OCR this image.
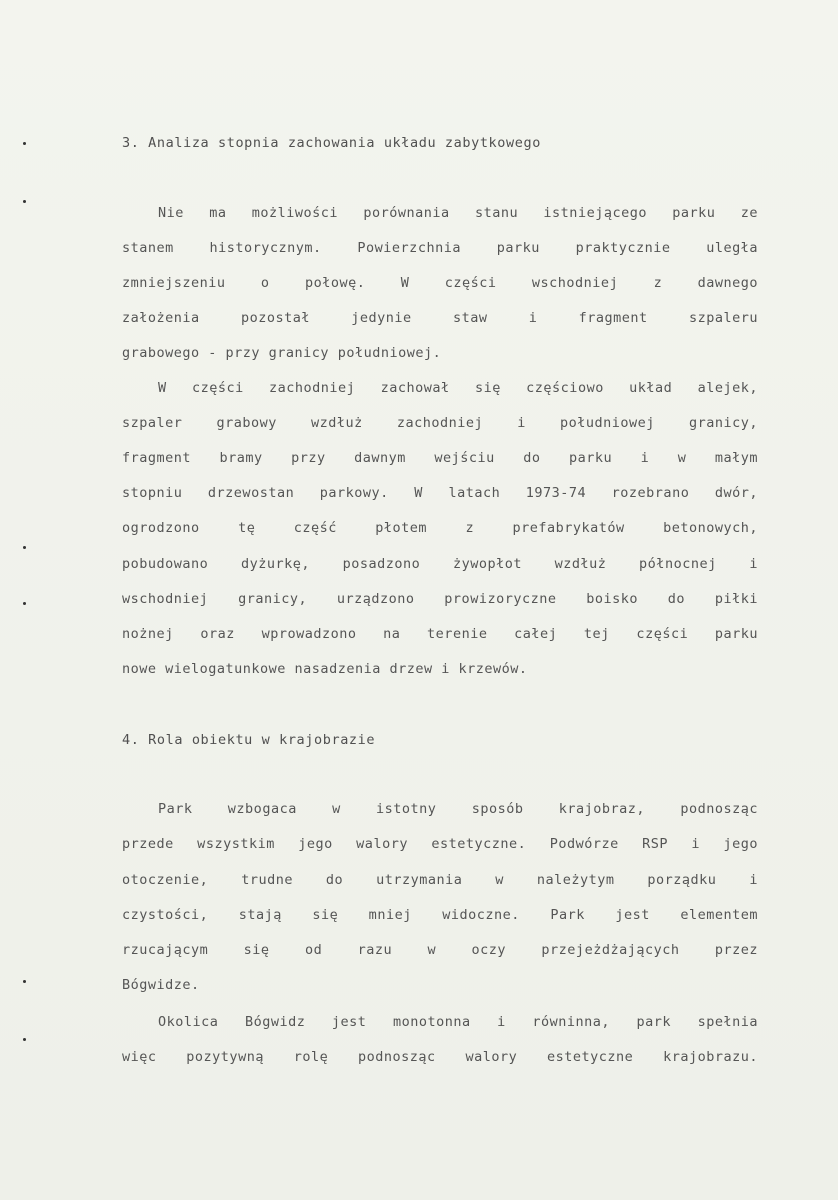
3. Analiza stopnia zachowania układu zabytkowego
Nie ma możliwości porównania stanu istniejącego parku ze
stanem historycznym. Powierzchnia parku praktycznie uległa
zmniejszeniu o połowę. W części wschodniej z dawnego
założenia pozostał jedynie staw i fragment szpaleru
grabowego - przy granicy południowej.
W części zachodniej zachował się częściowo układ alejek,
szpaler grabowy wzdłuż zachodniej i południowej granicy,
fragment bramy przy dawnym wejściu do parku i w małym
stopniu drzewostan parkowy. W latach 1973-74 rozebrano dwór,
ogrodzono tę część płotem z prefabrykatów betonowych,
pobudowano dyżurkę, posadzono żywopłot wzdłuż północnej i
wschodniej granicy, urządzono prowizoryczne boisko do piłki
nożnej oraz wprowadzono na terenie całej tej części parku
nowe wielogatunkowe nasadzenia drzew i krzewów.
4. Rola obiektu w krajobrazie
Park wzbogaca w istotny sposób krajobraz, podnosząc
przede wszystkim jego walory estetyczne. Podwórze RSP i jego
otoczenie, trudne do utrzymania w należytym porządku i
czystości, stają się mniej widoczne. Park jest elementem
rzucającym się od razu w oczy przejeżdżających przez
Bógwidze.
Okolica Bógwidz jest monotonna i równinna, park spełnia
więc pozytywną rolę podnosząc walory estetyczne krajobrazu.
